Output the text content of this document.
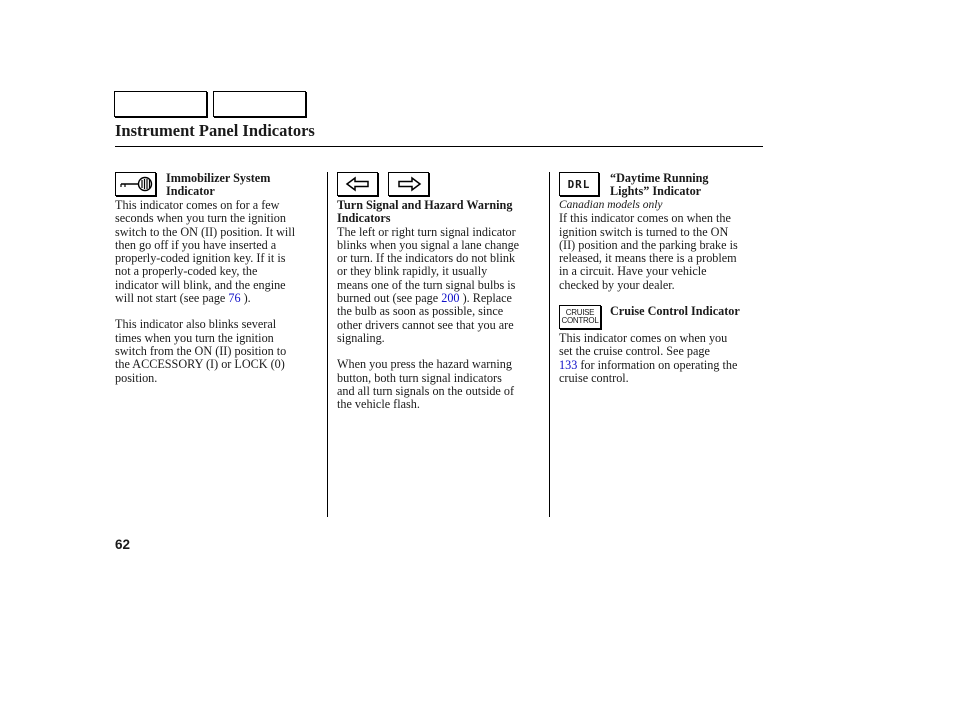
Instrument Panel Indicators

Immobilizer System

Indicator

This indicator comes on for a few

seconds when you turn the ignition

switch to the ON (II) position. It will

then go off if you have inserted a

properly-coded ignition key. If it is

not a properly-coded key, the

indicator will blink, and the engine

will not start (see page 76 ).

This indicator also blinks several

times when you turn the ignition

switch from the ON (II) position to

the ACCESSORY (I) or LOCK (0)

position.

Turn Signal and Hazard Warning

Indicators

The left or right turn signal indicator

blinks when you signal a lane change

or turn. If the indicators do not blink

or they blink rapidly, it usually

means one of the turn signal bulbs is

burned out (see page 200 ). Replace

the bulb as soon as possible, since

other drivers cannot see that you are

signaling.

When you press the hazard warning

button, both turn signal indicators

and all turn signals on the outside of

the vehicle flash.

DRL “Daytime Running

Lights” Indicator

Canadian models only

If this indicator comes on when the

ignition switch is turned to the ON

(II) position and the parking brake is

released, it means there is a problem

in a circuit. Have your vehicle

checked by your dealer.

CRUISE
CONTROL

Cruise Control Indicator

This indicator comes on when you

set the cruise control. See page

133 for information on operating the

cruise control.

62
